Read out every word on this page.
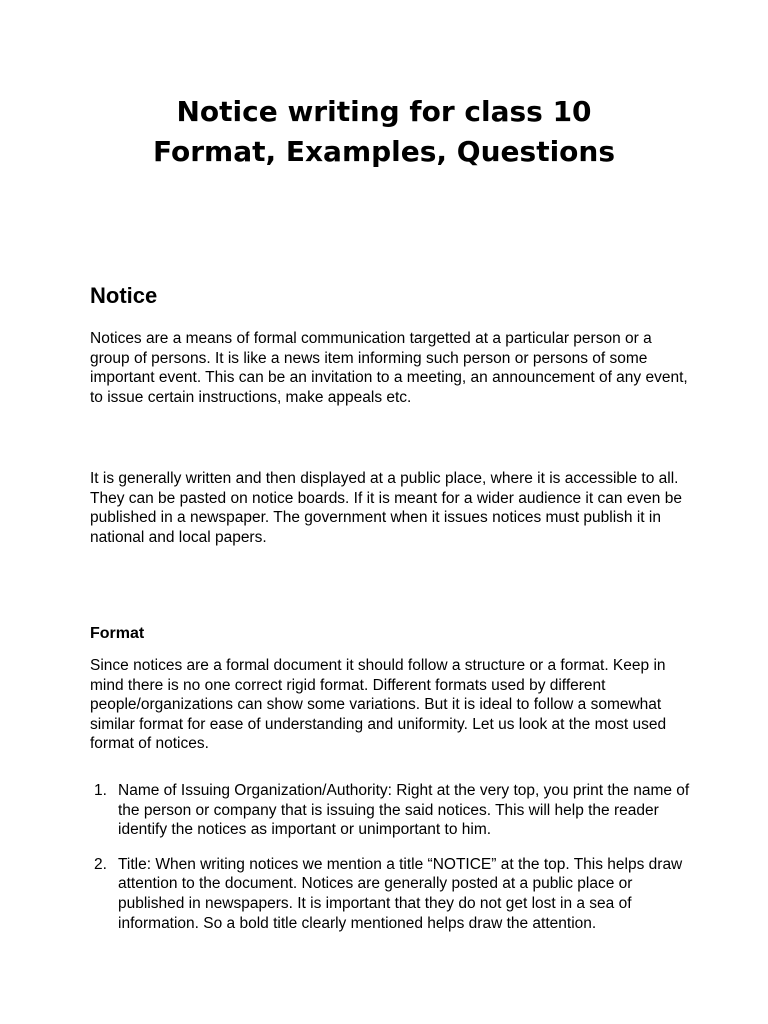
Notice writing for class 10
Format, Examples, Questions
Notice

Notices are a means of formal communication targetted at a particular person or a group of persons. It is like a news item informing such person or persons of some important event. This can be an invitation to a meeting, an announcement of any event, to issue certain instructions, make appeals etc.

It is generally written and then displayed at a public place, where it is accessible to all. They can be pasted on notice boards. If it is meant for a wider audience it can even be published in a newspaper. The government when it issues notices must publish it in national and local papers.

Format

Since notices are a formal document it should follow a structure or a format. Keep in mind there is no one correct rigid format. Different formats used by different people/organizations can show some variations. But it is ideal to follow a somewhat similar format for ease of understanding and uniformity. Let us look at the most used format of notices.

1. Name of Issuing Organization/Authority: Right at the very top, you print the name of the person or company that is issuing the said notices. This will help the reader identify the notices as important or unimportant to him.
2. Title: When writing notices we mention a title “NOTICE” at the top. This helps draw attention to the document. Notices are generally posted at a public place or published in newspapers. It is important that they do not get lost in a sea of information. So a bold title clearly mentioned helps draw the attention.
